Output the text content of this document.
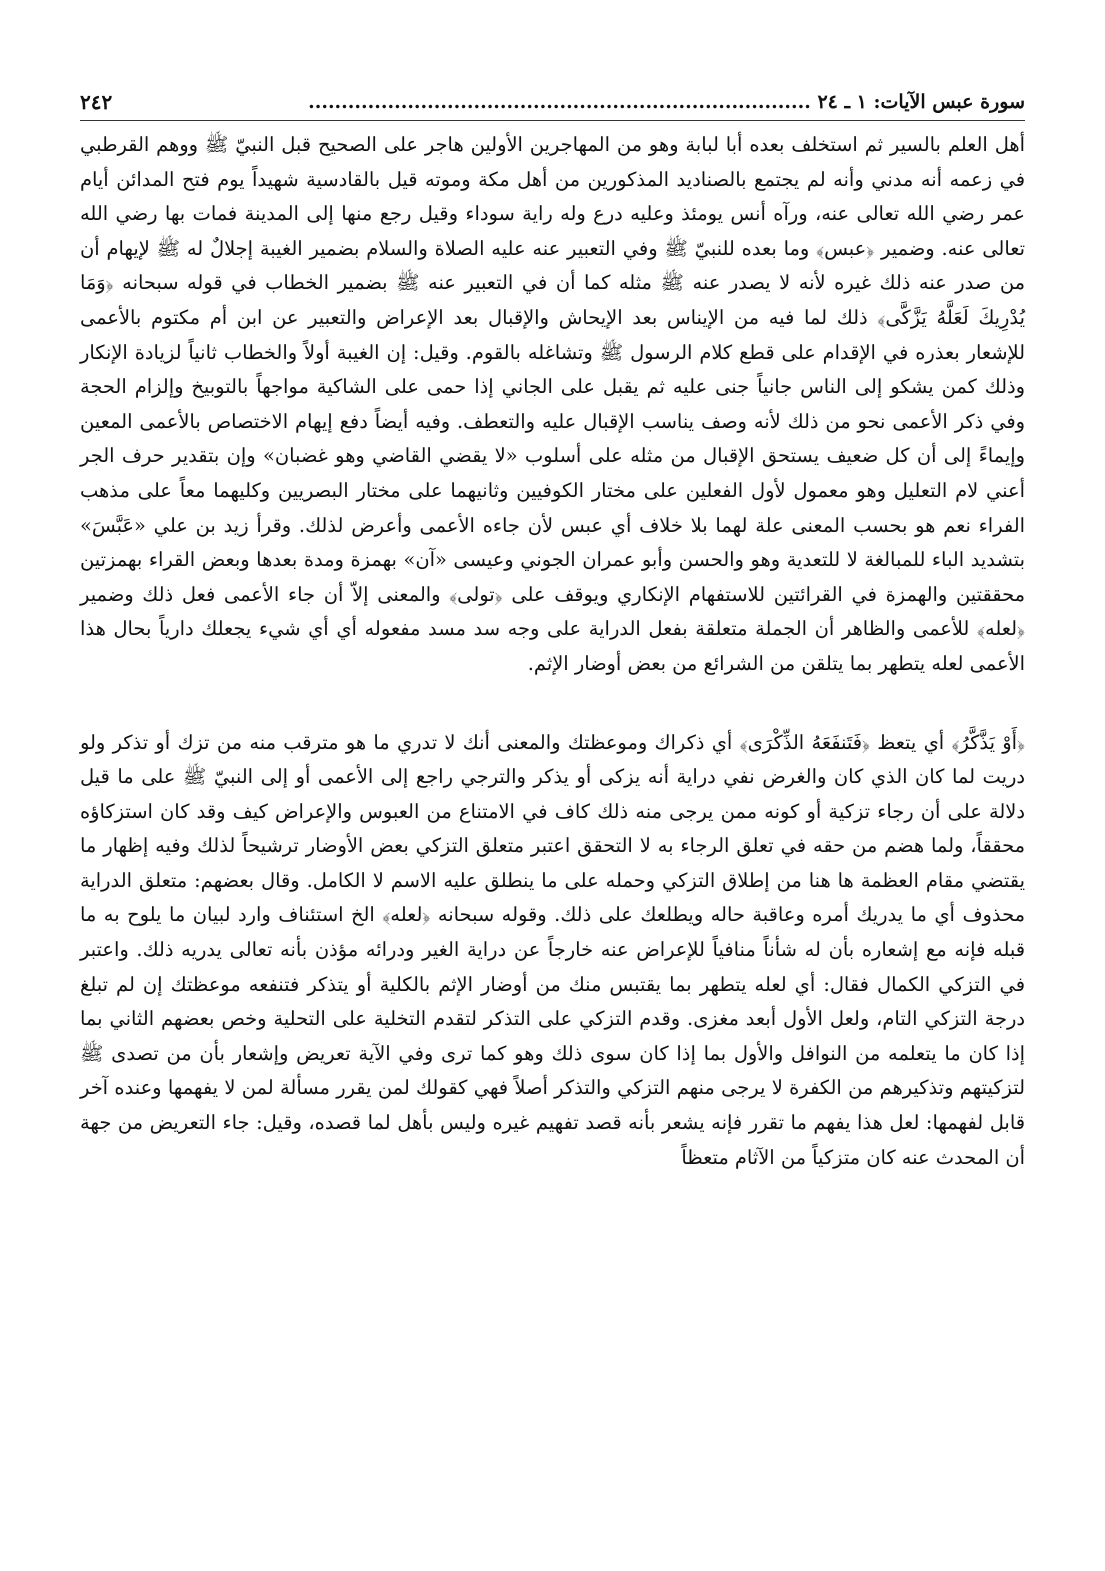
سورة عبس الآيات: ١ ـ ٢٤ ............................................................................
٢٤٢

أهل العلم بالسير ثم استخلف بعده أبا لبابة وهو من المهاجرين الأولين هاجر على الصحيح قبل النبيّ ﷺ ووهم القرطبي في زعمه أنه مدني وأنه لم يجتمع بالصناديد المذكورين من أهل مكة وموته قيل بالقادسية شهيداً يوم فتح المدائن أيام عمر رضي الله تعالى عنه، ورآه أنس يومئذ وعليه درع وله راية سوداء وقيل رجع منها إلى المدينة فمات بها رضي الله تعالى عنه. وضمير ﴿عبس﴾ وما بعده للنبيّ ﷺ وفي التعبير عنه عليه الصلاة والسلام بضمير الغيبة إجلالٌ له ﷺ لإيهام أن من صدر عنه ذلك غيره لأنه لا يصدر عنه ﷺ مثله كما أن في التعبير عنه ﷺ بضمير الخطاب في قوله سبحانه ﴿وَمَا يُدْرِيكَ لَعَلَّهُ يَزَّكَّى﴾ ذلك لما فيه من الإيناس بعد الإيحاش والإقبال بعد الإعراض والتعبير عن ابن أم مكتوم بالأعمى للإشعار بعذره في الإقدام على قطع كلام الرسول ﷺ وتشاغله بالقوم. وقيل: إن الغيبة أولاً والخطاب ثانياً لزيادة الإنكار وذلك كمن يشكو إلى الناس جانياً جنى عليه ثم يقبل على الجاني إذا حمى على الشاكية مواجهاً بالتوبيخ وإلزام الحجة وفي ذكر الأعمى نحو من ذلك لأنه وصف يناسب الإقبال عليه والتعطف. وفيه أيضاً دفع إيهام الاختصاص بالأعمى المعين وإيماءً إلى أن كل ضعيف يستحق الإقبال من مثله على أسلوب «لا يقضي القاضي وهو غضبان» وإن بتقدير حرف الجر أعني لام التعليل وهو معمول لأول الفعلين على مختار الكوفيين وثانيهما على مختار البصريين وكليهما معاً على مذهب الفراء نعم هو بحسب المعنى علة لهما بلا خلاف أي عبس لأن جاءه الأعمى وأعرض لذلك. وقرأ زيد بن علي «عَبَّسَ» بتشديد الباء للمبالغة لا للتعدية وهو والحسن وأبو عمران الجوني وعيسى «آن» بهمزة ومدة بعدها وبعض القراء بهمزتين محققتين والهمزة في القرائتين للاستفهام الإنكاري ويوقف على ﴿تولى﴾ والمعنى إلاّ أن جاء الأعمى فعل ذلك وضمير ﴿لعله﴾ للأعمى والظاهر أن الجملة متعلقة بفعل الدراية على وجه سد مسد مفعوله أي أي شيء يجعلك دارياً بحال هذا الأعمى لعله يتطهر بما يتلقن من الشرائع من بعض أوضار الإثم.

﴿أَوْ يَذَّكَّرُ﴾ أي يتعظ ﴿فَتَنفَعَهُ الذِّكْرَى﴾ أي ذكراك وموعظتك والمعنى أنك لا تدري ما هو مترقب منه من تزك أو تذكر ولو دريت لما كان الذي كان والغرض نفي دراية أنه يزكى أو يذكر والترجي راجع إلى الأعمى أو إلى النبيّ ﷺ على ما قيل دلالة على أن رجاء تزكية أو كونه ممن يرجى منه ذلك كاف في الامتناع من العبوس والإعراض كيف وقد كان استزكاؤه محققاً، ولما هضم من حقه في تعلق الرجاء به لا التحقق اعتبر متعلق التزكي بعض الأوضار ترشيحاً لذلك وفيه إظهار ما يقتضي مقام العظمة ها هنا من إطلاق التزكي وحمله على ما ينطلق عليه الاسم لا الكامل. وقال بعضهم: متعلق الدراية محذوف أي ما يدريك أمره وعاقبة حاله ويطلعك على ذلك. وقوله سبحانه ﴿لعله﴾ الخ استئناف وارد لبيان ما يلوح به ما قبله فإنه مع إشعاره بأن له شأناً منافياً للإعراض عنه خارجاً عن دراية الغير ودرائه مؤذن بأنه تعالى يدريه ذلك. واعتبر في التزكي الكمال فقال: أي لعله يتطهر بما يقتبس منك من أوضار الإثم بالكلية أو يتذكر فتنفعه موعظتك إن لم تبلغ درجة التزكي التام، ولعل الأول أبعد مغزى. وقدم التزكي على التذكر لتقدم التخلية على التحلية وخص بعضهم الثاني بما إذا كان ما يتعلمه من النوافل والأول بما إذا كان سوى ذلك وهو كما ترى وفي الآية تعريض وإشعار بأن من تصدى ﷺ لتزكيتهم وتذكيرهم من الكفرة لا يرجى منهم التزكي والتذكر أصلاً فهي كقولك لمن يقرر مسألة لمن لا يفهمها وعنده آخر قابل لفهمها: لعل هذا يفهم ما تقرر فإنه يشعر بأنه قصد تفهيم غيره وليس بأهل لما قصده، وقيل: جاء التعريض من جهة أن المحدث عنه كان متزكياً من الآثام متعظاً
